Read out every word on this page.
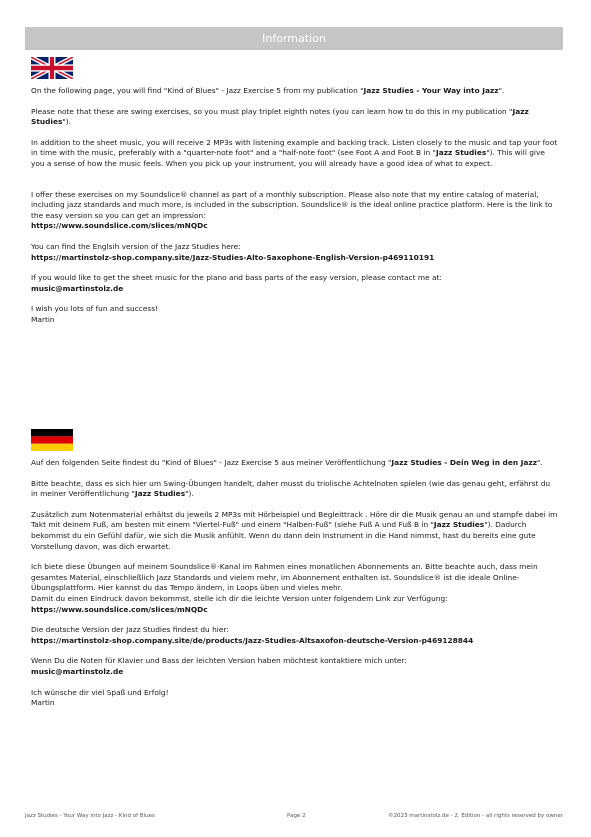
Information

On the following page, you will find "Kind of Blues" - Jazz Exercise 5 from my publication "Jazz Studies - Your Way into Jazz".

Please note that these are swing exercises, so you must play triplet eighth notes (you can learn how to do this in my publication "Jazz Studies").

In addition to the sheet music, you will receive 2 MP3s with listening example and backing track. Listen closely to the music and tap your foot in time with the music, preferably with a "quarter-note foot" and a "half-note foot" (see Foot A and Foot B in "Jazz Studies"). This will give you a sense of how the music feels. When you pick up your instrument, you will already have a good idea of what to expect.

I offer these exercises on my Soundslice® channel as part of a monthly subscription. Please also note that my entire catalog of material, including jazz standards and much more, is included in the subscription. Soundslice® is the ideal online practice platform. Here is the link to the easy version so you can get an impression:
https://www.soundslice.com/slices/mNQDc

You can find the Englsih version of the Jazz Studies here:
https://martinstolz-shop.company.site/Jazz-Studies-Alto-Saxophone-English-Version-p469110191

If you would like to get the sheet music for the piano and bass parts of the easy version, please contact me at:
music@martinstolz.de

I wish you lots of fun and success!
Martin

Auf den folgenden Seite findest du "Kind of Blues" - Jazz Exercise 5 aus meiner Veröffentlichung "Jazz Studies - Dein Weg in den Jazz".

Bitte beachte, dass es sich hier um Swing-Übungen handelt, daher musst du triolische Achtelnoten spielen (wie das genau geht, erfährst du in meiner Veröffentlichung "Jazz Studies").

Zusätzlich zum Notenmaterial erhältst du jeweils 2 MP3s mit Hörbeispiel und Begleittrack . Höre dir die Musik genau an und stampfe dabei im Takt mit deinem Fuß, am besten mit einem "Viertel-Fuß" und einem "Halben-Fuß" (siehe Fuß A und Fuß B in "Jazz Studies"). Dadurch bekommst du ein Gefühl dafür, wie sich die Musik anfühlt. Wenn du dann dein Instrument in die Hand nimmst, hast du bereits eine gute Vorstellung davon, was dich erwartet.

Ich biete diese Übungen auf meinem Soundslice®-Kanal im Rahmen eines monatlichen Abonnements an. Bitte beachte auch, dass mein gesamtes Material, einschließlich Jazz Standards und vielem mehr, im Abonnement enthalten ist. Soundslice® ist die ideale Online-Übungsplattform. Hier kannst du das Tempo ändern, in Loops üben und vieles mehr.
Damit du einen Eindruck davon bekommst, stelle ich dir die leichte Version unter folgendem Link zur Verfügung:
https://www.soundslice.com/slices/mNQDc

Die deutsche Version der Jazz Studies findest du hier:
https://martinstolz-shop.company.site/de/products/Jazz-Studies-Altsaxofon-deutsche-Version-p469128844

Wenn Du die Noten für Klavier und Bass der leichten Version haben möchtest kontaktiere mich unter:
music@martinstolz.de

Ich wünsche dir viel Spaß und Erfolg!
Martin

Jazz Studies - Your Way into Jazz - Kind of Blues	Page 2	©2023 martinstolz.de - 2. Edition - all rights reserved by owner
